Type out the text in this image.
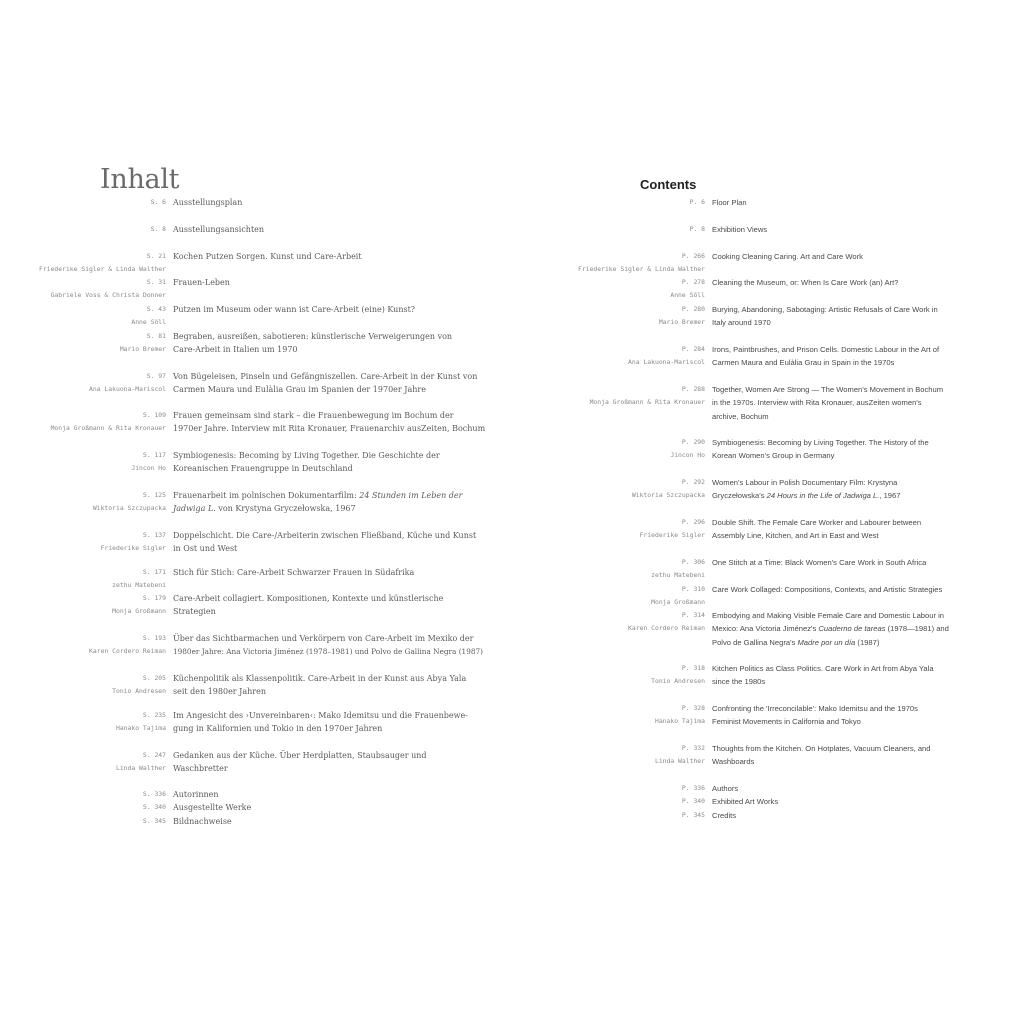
Inhalt	Contents
S. 6 Ausstellungsplan
S. 8 Ausstellungsansichten
S. 21
Friederike Sigler & Linda Walther
Kochen Putzen Sorgen. Kunst und Care-Arbeit
S. 31
Gabriele Voss & Christa Donner
Frauen-Leben
S. 43
Anne Söll
Putzen im Museum oder wann ist Care-Arbeit (eine) Kunst?
S. 81
Mario Bremer
Begraben, ausreißen, sabotieren: künstlerische Verweigerungen von
Care-Arbeit in Italien um 1970
S. 97
Ana Lakuona-Mariscol
Von Bügeleisen, Pinseln und Gefängniszellen. Care-Arbeit in der Kunst von
Carmen Maura und Eulàlia Grau im Spanien der 1970er Jahre
S. 109
Monja Großmann & Rita Kronauer
Frauen gemeinsam sind stark – die Frauenbewegung im Bochum der
1970er Jahre. Interview mit Rita Kronauer, Frauenarchiv ausZeiten, Bochum
S. 117
Jincon Ho
Symbiogenesis: Becoming by Living Together. Die Geschichte der
Koreanischen Frauengruppe in Deutschland
S. 125
Wiktoria Szczupacka
Frauenarbeit im polnischen Dokumentarfilm: 24 Stunden im Leben der
Jadwiga L. von Krystyna Gryczełowska, 1967
S. 137
Friederike Sigler
Doppelschicht. Die Care-/Arbeiterin zwischen Fließband, Küche und Kunst
in Ost und West
S. 171
zethu Matebeni
Stich für Stich: Care-Arbeit Schwarzer Frauen in Südafrika
S. 179
Monja Großmann
Care-Arbeit collagiert. Kompositionen, Kontexte und künstlerische
Strategien
S. 193
Karen Cordero Reiman
Über das Sichtbarmachen und Verkörpern von Care-Arbeit im Mexiko der
1980er Jahre: Ana Victoria Jiménez (1978–1981) und Polvo de Gallina Negra (1987)
S. 205
Tonio Andresen
Küchenpolitik als Klassenpolitik. Care-Arbeit in der Kunst aus Abya Yala
seit den 1980er Jahren
S. 235
Hanako Tajima
Im Angesicht des ›Unvereinbaren‹: Mako Idemitsu und die Frauenbewe-
gung in Kalifornien und Tokio in den 1970er Jahren
S. 247
Linda Walther
Gedanken aus der Küche. Über Herdplatten, Staubsauger und
Waschbretter
S. 336
S. 340
S. 345
Autorinnen
Ausgestellte Werke
Bildnachweise
P. 6 Floor Plan
P. 8 Exhibition Views
P. 266
Friederike Sigler & Linda Walther
Cooking Cleaning Caring. Art and Care Work
P. 278
Anne Söll
Cleaning the Museum, or: When Is Care Work (an) Art?
P. 280
Mario Bremer
Burying, Abandoning, Sabotaging: Artistic Refusals of Care Work in
Italy around 1970
P. 284
Ana Lakuona-Mariscol
Irons, Paintbrushes, and Prison Cells. Domestic Labour in the Art of
Carmen Maura and Eulàlia Grau in Spain in the 1970s
P. 288
Monja Großmann & Rita Kronauer
Together, Women Are Strong — The Women's Movement in Bochum
in the 1970s. Interview with Rita Kronauer, ausZeiten women's
archive, Bochum
P. 290
Jincon Ho
Symbiogenesis: Becoming by Living Together. The History of the
Korean Women's Group in Germany
P. 292
Wiktoria Szczupacka
Women's Labour in Polish Documentary Film: Krystyna
Gryczełowska's 24 Hours in the Life of Jadwiga L., 1967
P. 296
Friederike Sigler
Double Shift. The Female Care Worker and Labourer between
Assembly Line, Kitchen, and Art in East and West
P. 306
zethu Matebeni
One Stitch at a Time: Black Women's Care Work in South Africa
P. 310
Monja Großmann
Care Work Collaged: Compositions, Contexts, and Artistic Strategies
P. 314
Karen Cordero Reiman
Embodying and Making Visible Female Care and Domestic Labour in
Mexico: Ana Victoria Jiménez's Cuaderno de tareas (1978—1981) and
Polvo de Gallina Negra's Madre por un día (1987)
P. 318
Tonio Andresen
Kitchen Politics as Class Politics. Care Work in Art from Abya Yala
since the 1980s
P. 328
Hanako Tajima
Confronting the 'Irreconcilable': Mako Idemitsu and the 1970s
Feminist Movements in California and Tokyo
P. 332
Linda Walther
Thoughts from the Kitchen. On Hotplates, Vacuum Cleaners, and
Washboards
P. 336
P. 340
P. 345
Authors
Exhibited Art Works
Credits
